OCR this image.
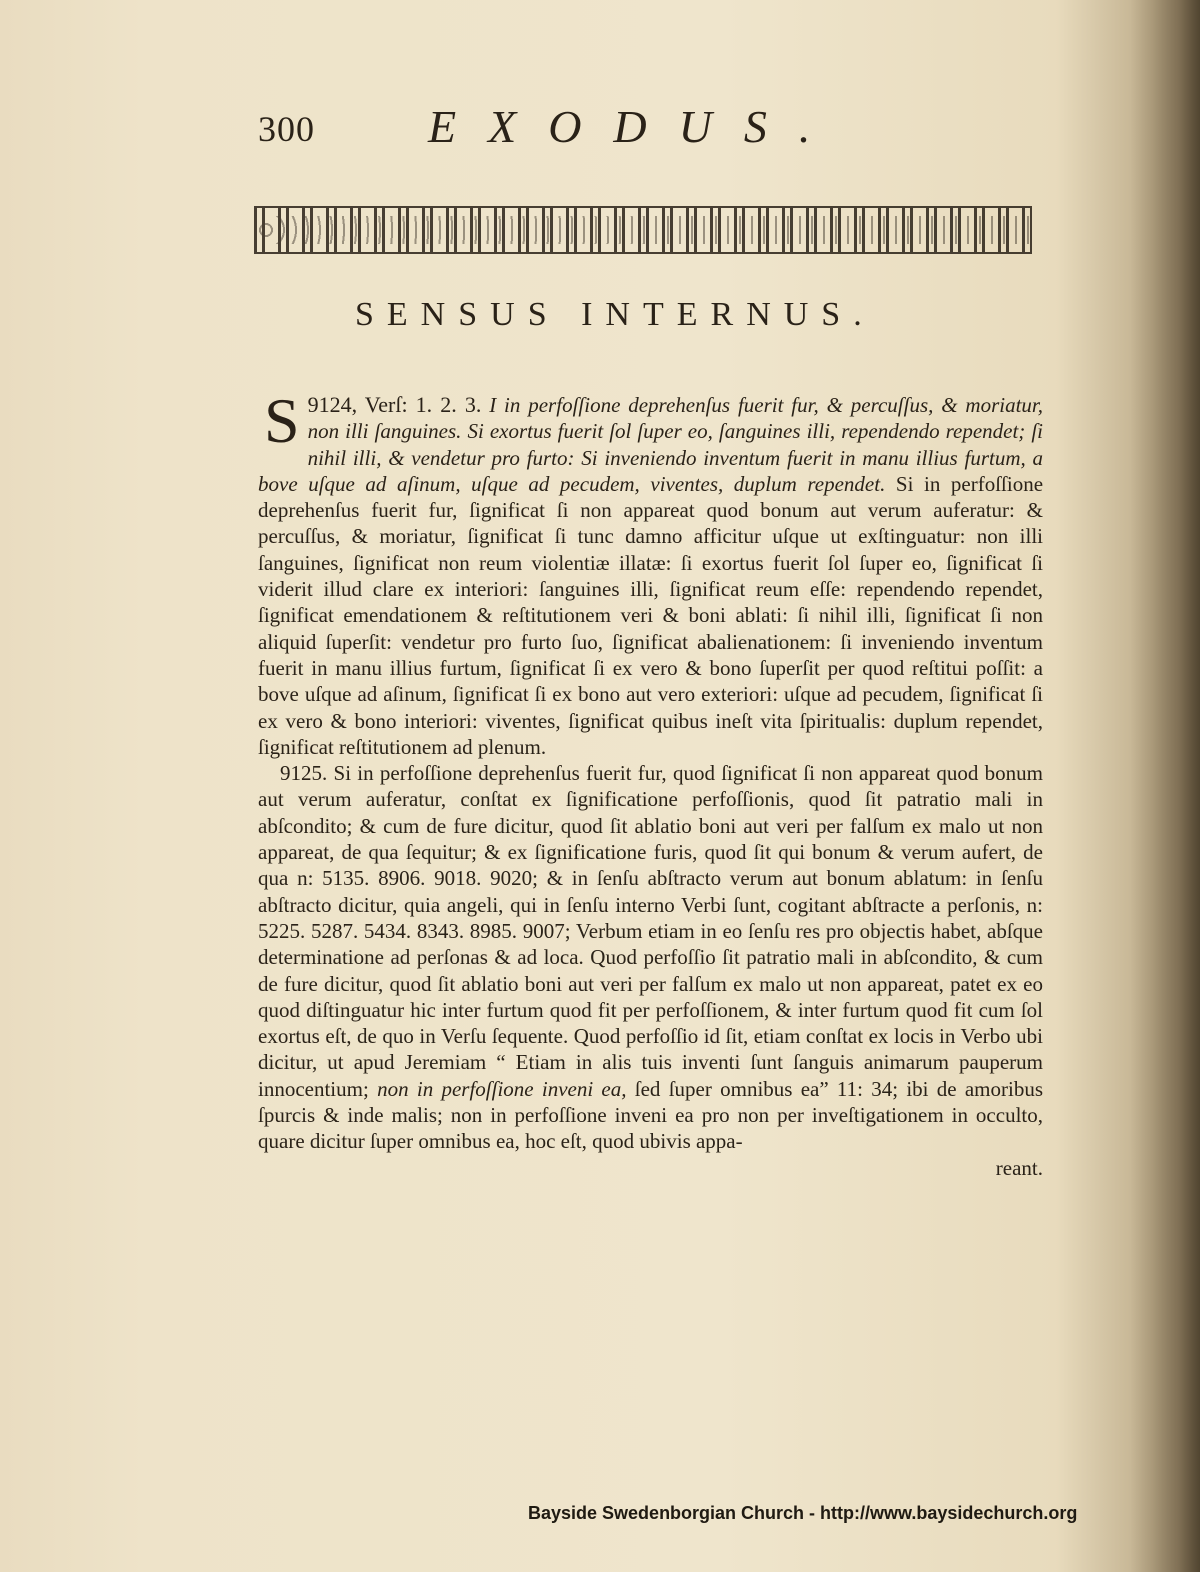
300 EXODUS.
SENSUS INTERNUS.

9124, Verſ: 1. 2. 3.
S	I in perfoſſione deprehenſus fuerit fur, & percuſſus, & moriatur, non illi ſanguines. Si exortus fuerit ſol ſuper eo, ſanguines illi, rependendo rependet; ſi nihil illi, & vendetur pro furto: Si inveniendo inventum fuerit in manu illius furtum, a bove uſque ad aſinum, uſque ad pecudem, viventes, duplum rependet. Si in perfoſſione deprehenſus fuerit fur, ſignificat ſi non appareat quod bonum aut verum auferatur: & percuſſus, & moriatur, ſignificat ſi tunc damno afficitur uſque ut exſtinguatur: non illi ſanguines, ſignificat non reum violentiæ illatæ: ſi exortus fuerit ſol ſuper eo, ſignificat ſi viderit illud clare ex interiori: ſanguines illi, ſignificat reum eſſe: rependendo rependet, ſignificat emendationem & reſtitutionem veri & boni ablati: ſi nihil illi, ſignificat ſi non aliquid ſuperſit: vendetur pro furto ſuo, ſignificat abalienationem: ſi inveniendo inventum fuerit in manu illius furtum, ſignificat ſi ex vero & bono ſuperſit per quod reſtitui poſſit: a bove uſque ad aſinum, ſignificat ſi ex bono aut vero exteriori: uſque ad pecudem, ſignificat ſi ex vero & bono interiori: viventes, ſignificat quibus ineſt vita ſpiritualis: duplum rependet, ſignificat reſtitutionem ad plenum.

9125. Si in perfoſſione deprehenſus fuerit fur, quod ſignificat ſi non appareat quod bonum aut verum auferatur, conſtat ex ſignificatione perfoſſionis, quod ſit patratio mali in abſcondito; & cum de fure dicitur, quod ſit ablatio boni aut veri per falſum ex malo ut non appareat, de qua ſequitur; & ex ſignificatione furis, quod ſit qui bonum & verum aufert, de qua n: 5135. 8906. 9018. 9020; & in ſenſu abſtracto verum aut bonum ablatum: in ſenſu abſtracto dicitur, quia angeli, qui in ſenſu interno Verbi ſunt, cogitant abſtracte a perſonis, n: 5225. 5287. 5434. 8343. 8985. 9007; Verbum etiam in eo ſenſu res pro objectis habet, abſque determinatione ad perſonas & ad loca. Quod perfoſſio ſit patratio mali in abſcondito, & cum de fure dicitur, quod ſit ablatio boni aut veri per falſum ex malo ut non appareat, patet ex eo quod diſtinguatur hic inter furtum quod fit per perfoſſionem, & inter furtum quod fit cum ſol exortus eſt, de quo in Verſu ſequente. Quod perfoſſio id ſit, etiam conſtat ex locis in Verbo ubi dicitur, ut apud Jeremiam “ Etiam in alis tuis inventi ſunt ſanguis animarum pauperum innocentium; non in perfoſſione inveni ea, ſed ſuper omnibus ea” 11: 34; ibi de amoribus ſpurcis & inde malis; non in perfoſſione inveni ea pro non per inveſtigationem in occulto, quare dicitur ſuper omnibus ea, hoc eſt, quod ubivis appa-

reant.

Bayside Swedenborgian Church - http://www.baysidechurch.org
